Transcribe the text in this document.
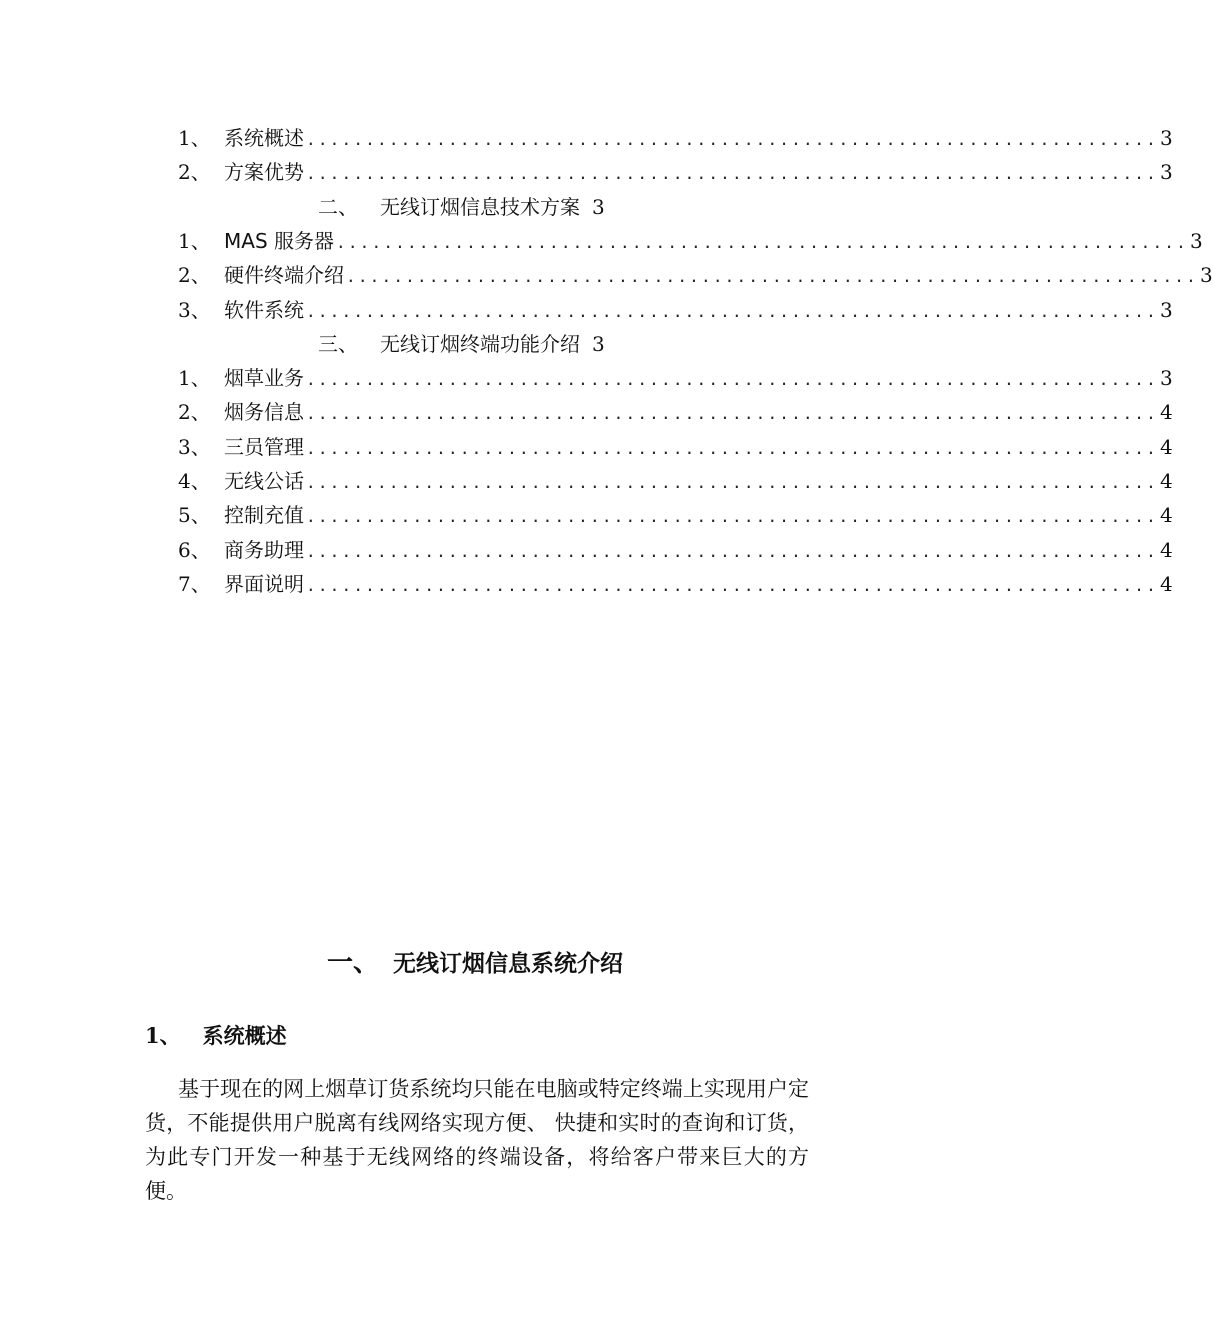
1、 系统概述 ........................................................................ 3
2、 方案优势 ........................................................................ 3
二、 无线订烟信息技术方案 3
1、 MAS 服务器 ........................................................................ 3
2、 硬件终端介绍 ........................................................................ 3
3、 软件系统 ........................................................................ 3
三、 无线订烟终端功能介绍 3
1、 烟草业务 ........................................................................ 3
2、 烟务信息 ........................................................................ 4
3、 三员管理 ........................................................................ 4
4、 无线公话 ........................................................................ 4
5、 控制充值 ........................................................................ 4
6、 商务助理 ........................................................................ 4
7、 界面说明 ........................................................................ 4
一、 无线订烟信息系统介绍
1、 系统概述

基于现在的网上烟草订货系统均只能在电脑或特定终端上实现用户定货，不能提供用户脱离有线网络实现方便、 快捷和实时的查询和订货，为此专门开发一种基于无线网络的终端设备，将给客户带来巨大的方便。
